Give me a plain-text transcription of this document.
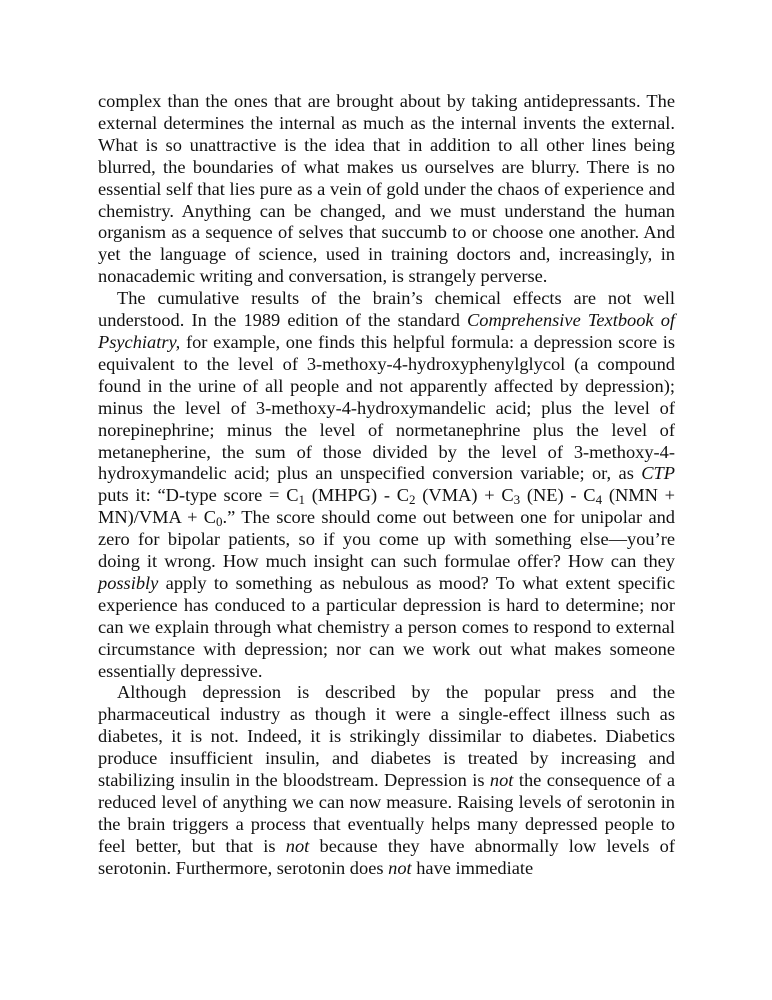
complex than the ones that are brought about by taking antidepressants. The external determines the internal as much as the internal invents the external. What is so unattractive is the idea that in addition to all other lines being blurred, the boundaries of what makes us ourselves are blurry. There is no essential self that lies pure as a vein of gold under the chaos of experience and chemistry. Anything can be changed, and we must understand the human organism as a sequence of selves that succumb to or choose one another. And yet the language of science, used in training doctors and, increasingly, in nonacademic writing and conversation, is strangely perverse.

The cumulative results of the brain’s chemical effects are not well understood. In the 1989 edition of the standard Comprehensive Textbook of Psychiatry, for example, one finds this helpful formula: a depression score is equivalent to the level of 3-methoxy-4-hydroxyphenylglycol (a compound found in the urine of all people and not apparently affected by depression); minus the level of 3-methoxy-4-hydroxymandelic acid; plus the level of norepinephrine; minus the level of normetanephrine plus the level of metanepherine, the sum of those divided by the level of 3-methoxy-4-hydroxymandelic acid; plus an unspecified conversion variable; or, as CTP puts it: “D-type score = $C_1$ (MHPG) - $C_2$ $(VMA) + C_3$ $(NE) - C_4$ $(NMN + MN)/VMA + C_0$.” The score should come out between one for unipolar and zero for bipolar patients, so if you come up with something else—you’re doing it wrong. How much insight can such formulae offer? How can they possibly apply to something as nebulous as mood? To what extent specific experience has conduced to a particular depression is hard to determine; nor can we explain through what chemistry a person comes to respond to external circumstance with depression; nor can we work out what makes someone essentially depressive.

Although depression is described by the popular press and the pharmaceutical industry as though it were a single-effect illness such as diabetes, it is not. Indeed, it is strikingly dissimilar to diabetes. Diabetics produce insufficient insulin, and diabetes is treated by increasing and stabilizing insulin in the bloodstream. Depression is not the consequence of a reduced level of anything we can now measure. Raising levels of serotonin in the brain triggers a process that eventually helps many depressed people to feel better, but that is not because they have abnormally low levels of serotonin. Furthermore, serotonin does not have immediate
